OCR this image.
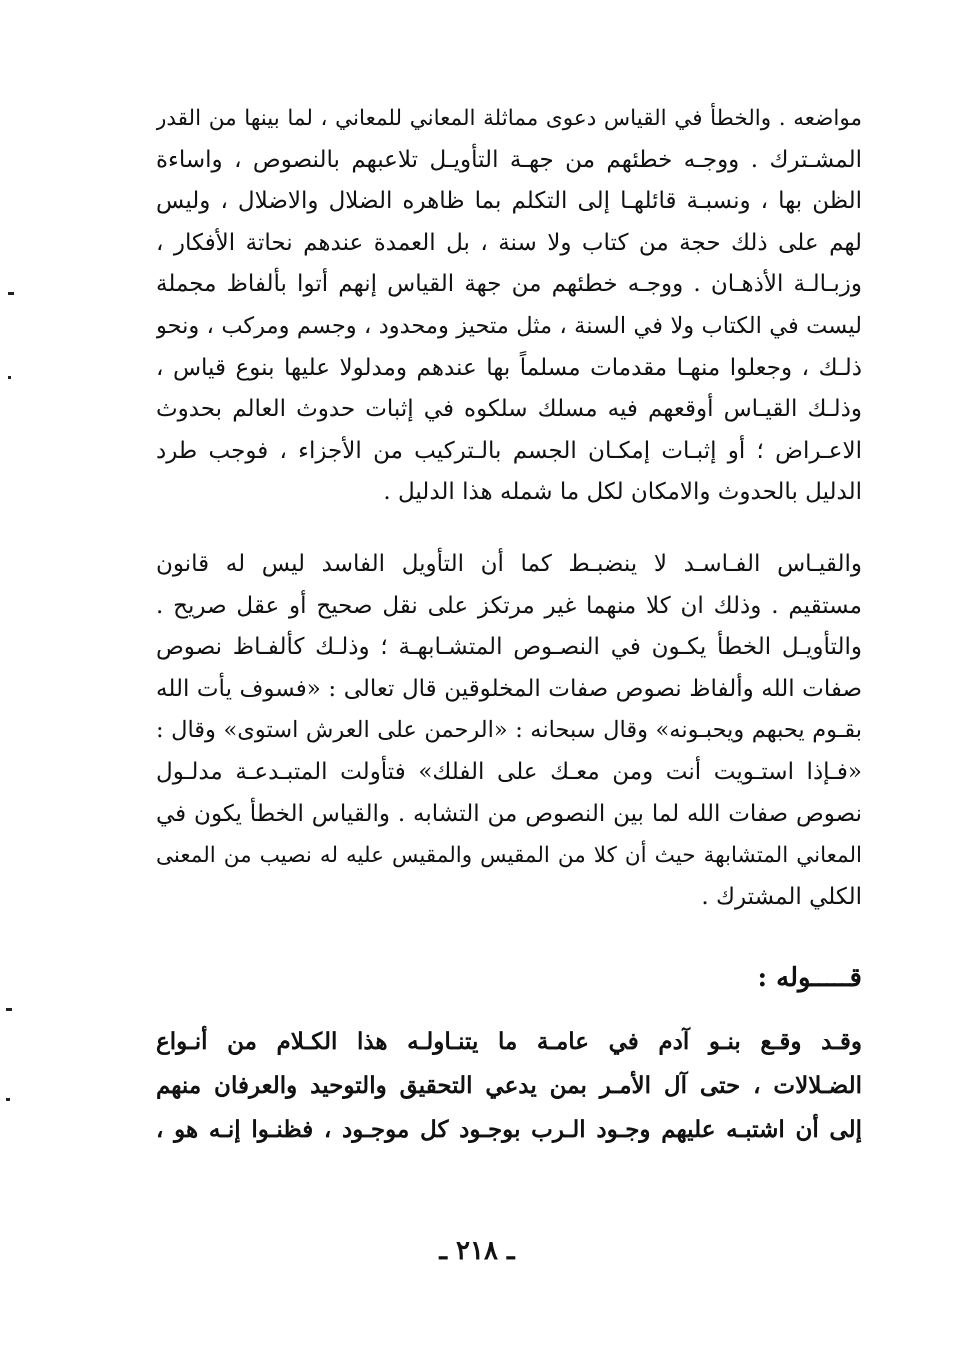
مواضعه . والخطأ في القياس دعوى مماثلة المعاني للمعاني ، لما بينها من القدر
المشـترك . ووجـه خطئهم من جهـة التأويـل تلاعبهم بالنصوص ، واساءة
الظن بها ، ونسبـة قائلهـا إلى التكلم بما ظاهره الضلال والاضلال ، وليس
لهم على ذلك حجة من كتاب ولا سنة ، بل العمدة عندهم نحاتة الأفكار ،
وزبـالـة الأذهـان . ووجـه خطئهم من جهة القياس إنهم أتوا بألفاظ مجملة
ليست في الكتاب ولا في السنة ، مثل متحيز ومحدود ، وجسم ومركب ، ونحو
ذلـك ، وجعلوا منهـا مقدمات مسلماً بها عندهم ومدلولا عليها بنوع قياس ،
وذلـك القيـاس أوقعهم فيه مسلك سلكوه في إثبات حدوث العالم بحدوث
الاعـراض ؛ أو إثبـات إمكـان الجسم بالـتركيب من الأجزاء ، فوجب طرد
الدليل بالحدوث والامكان لكل ما شمله هذا الدليل .

والقيـاس الفـاسـد لا ينضبـط كما أن التأويل الفاسد ليس له قانون
مستقيم . وذلك ان كلا منهما غير مرتكز على نقل صحيح أو عقل صريح .
والتأويـل الخطأ يكـون في النصـوص المتشـابهـة ؛ وذلـك كألفـاظ نصوص
صفات الله وألفاظ نصوص صفات المخلوقين قال تعالى : «فسوف يأت الله
بقـوم يحبهم ويحبـونه» وقال سبحانه : «الرحمن على العرش استوى» وقال :
«فـإذا استـويت أنت ومن معـك على الفلك» فتأولت المتبـدعـة مدلـول
نصوص صفات الله لما بين النصوص من التشابه . والقياس الخطأ يكون في
المعاني المتشابهة حيث أن كلا من المقيس والمقيس عليه له نصيب من المعنى
الكلي المشترك .

قـــــوله :

وقـد وقـع بنـو آدم في عامـة ما يتنـاولـه هذا الكـلام من أنـواع
الضـلالات ، حتى آل الأمـر بمن يدعي التحقيق والتوحيد والعرفان منهم
إلى أن اشتبـه عليهم وجـود الـرب بوجـود كل موجـود ، فظنـوا إنـه هو ،

ـ ٢١٨ ـ
